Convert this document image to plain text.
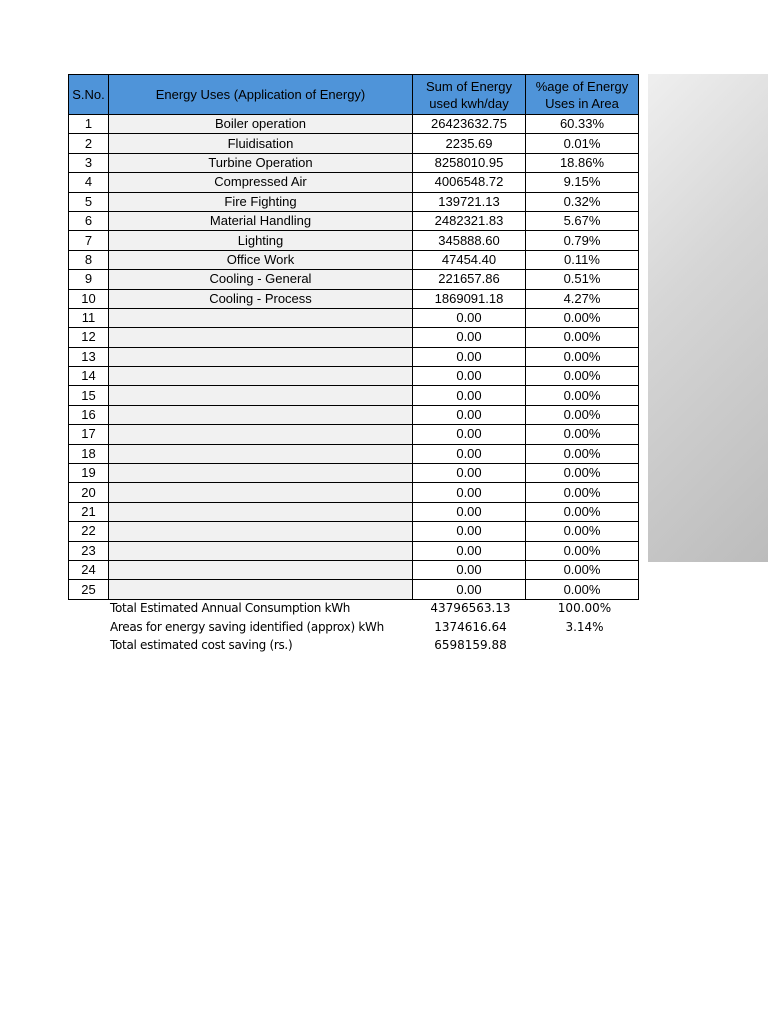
S.No.	Energy Uses (Application of Energy)	Sum of Energy used kwh/day	%age of Energy Uses in Area
1	Boiler operation	26423632.75	60.33%
2	Fluidisation	2235.69	0.01%
3	Turbine Operation	8258010.95	18.86%
4	Compressed Air	4006548.72	9.15%
5	Fire Fighting	139721.13	0.32%
6	Material Handling	2482321.83	5.67%
7	Lighting	345888.60	0.79%
8	Office Work	47454.40	0.11%
9	Cooling - General	221657.86	0.51%
10	Cooling - Process	1869091.18	4.27%
11		0.00	0.00%
12		0.00	0.00%
13		0.00	0.00%
14		0.00	0.00%
15		0.00	0.00%
16		0.00	0.00%
17		0.00	0.00%
18		0.00	0.00%
19		0.00	0.00%
20		0.00	0.00%
21		0.00	0.00%
22		0.00	0.00%
23		0.00	0.00%
24		0.00	0.00%
25		0.00	0.00%
Total Estimated Annual Consumption kWh	43796563.13	100.00%
Areas for energy saving identified (approx) kWh	1374616.64	3.14%
Total estimated cost saving (rs.)	6598159.88
